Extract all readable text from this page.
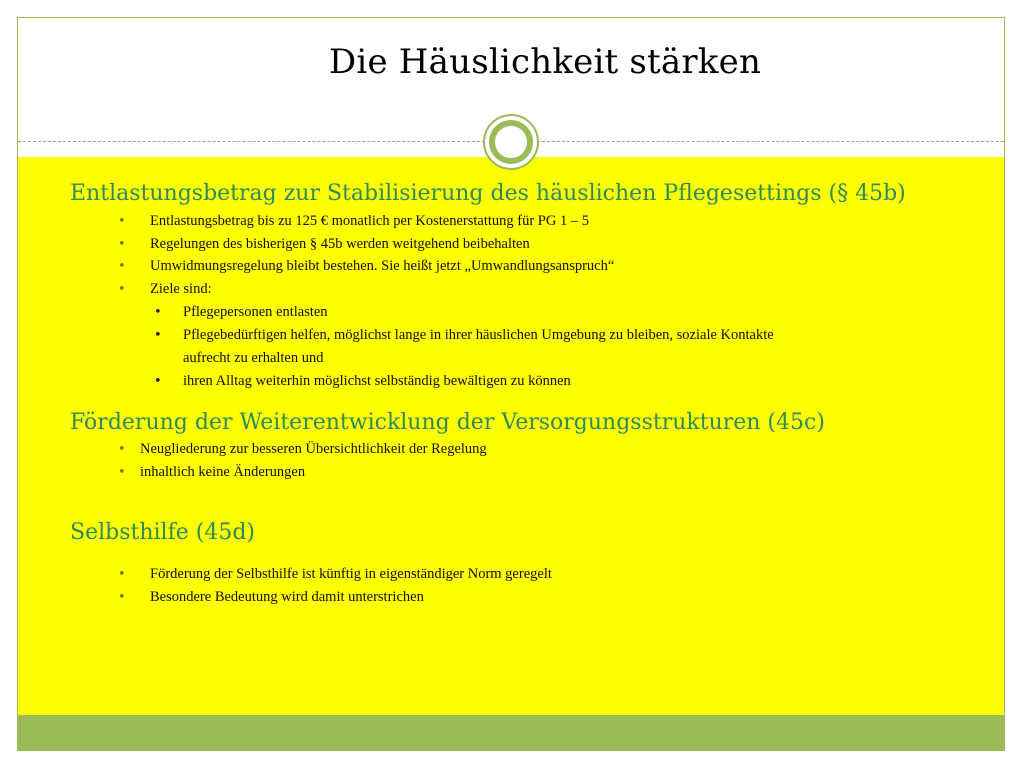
Die Häuslichkeit stärken
Entlastungsbetrag zur Stabilisierung des häuslichen Pflegesettings (§ 45b)
• Entlastungsbetrag bis zu 125 € monatlich per Kostenerstattung für PG 1 – 5
• Regelungen des bisherigen § 45b werden weitgehend beibehalten
• Umwidmungsregelung bleibt bestehen. Sie heißt jetzt „Umwandlungsanspruch“
• Ziele sind:
• Pflegepersonen entlasten
• Pflegebedürftigen helfen, möglichst lange in ihrer häuslichen Umgebung zu bleiben, soziale Kontakte
aufrecht zu erhalten und
• ihren Alltag weiterhin möglichst selbständig bewältigen zu können
Förderung der Weiterentwicklung der Versorgungsstrukturen (45c)
• Neugliederung zur besseren Übersichtlichkeit der Regelung
• inhaltlich keine Änderungen
Selbsthilfe (45d)
• Förderung der Selbsthilfe ist künftig in eigenständiger Norm geregelt
• Besondere Bedeutung wird damit unterstrichen
